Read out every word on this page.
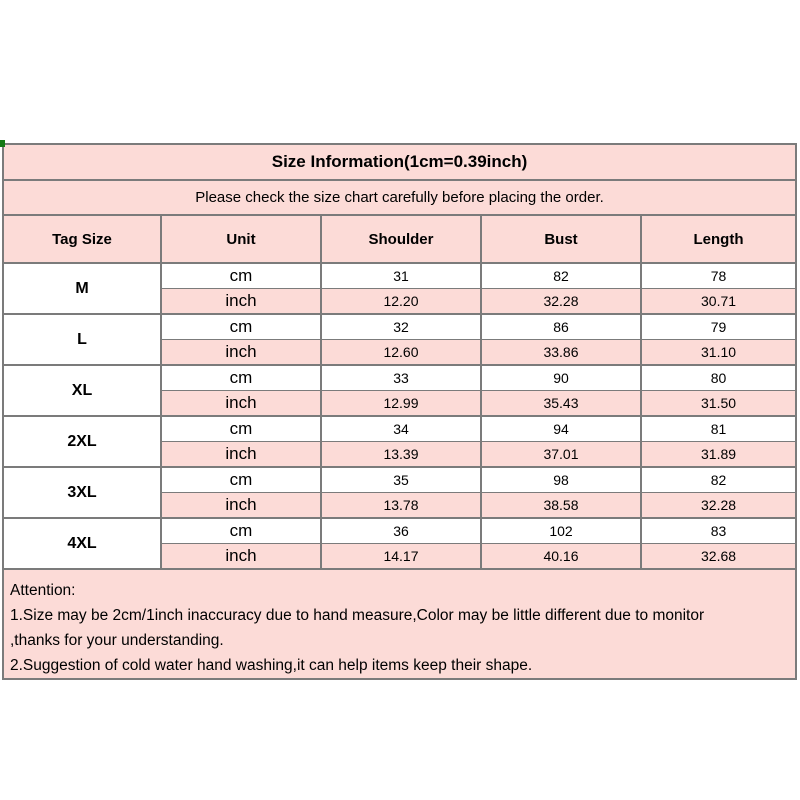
Size Information(1cm=0.39inch)				
Please check the size chart carefully before placing the order.				
Tag Size	Unit	Shoulder	Bust	Length
M	cm	31	82	78
	inch	12.20	32.28	30.71
L	cm	32	86	79
	inch	12.60	33.86	31.10
XL	cm	33	90	80
	inch	12.99	35.43	31.50
2XL	cm	34	94	81
	inch	13.39	37.01	31.89
3XL	cm	35	98	82
	inch	13.78	38.58	32.28
4XL	cm	36	102	83
	inch	14.17	40.16	32.68

Attention:
1.Size may be 2cm/1inch inaccuracy due to hand measure,Color may be little different due to monitor
,thanks for your understanding.
2.Suggestion of cold water hand washing,it can help items keep their shape.				
